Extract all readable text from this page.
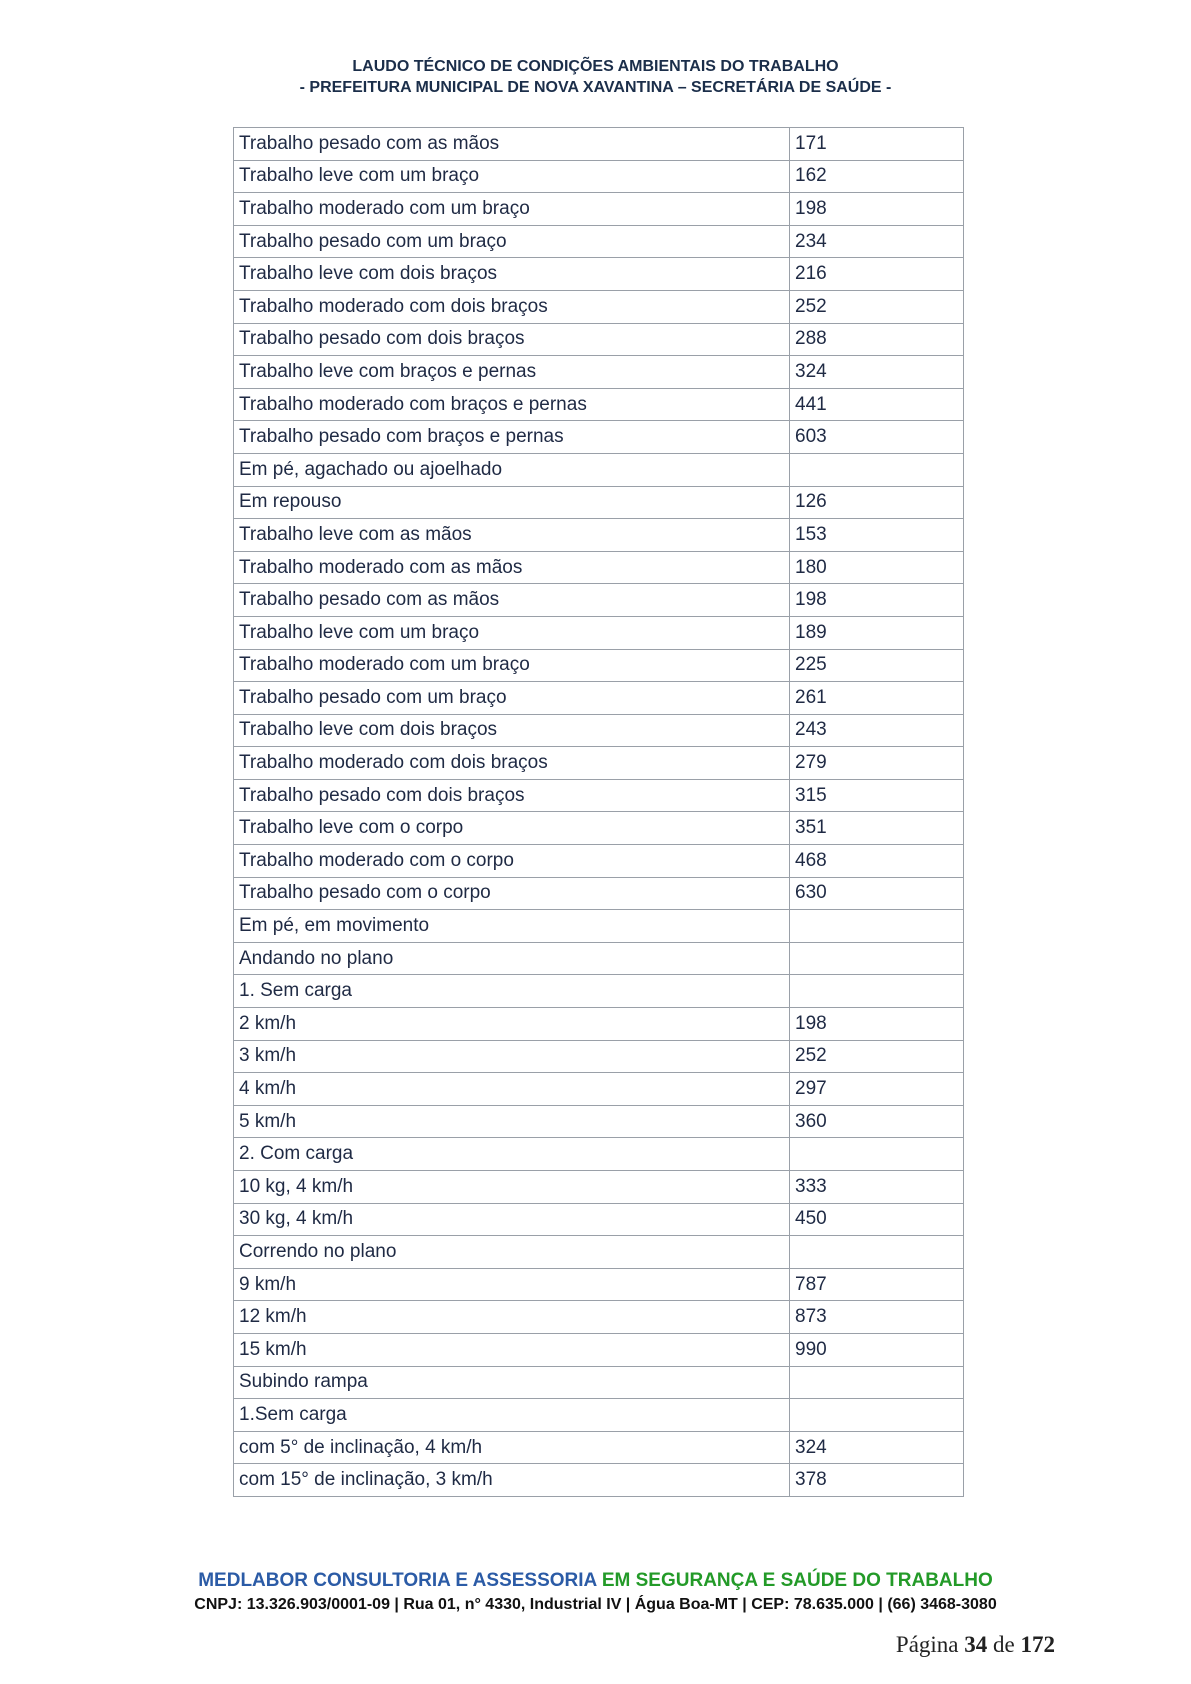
LAUDO TÉCNICO DE CONDIÇÕES AMBIENTAIS DO TRABALHO
- PREFEITURA MUNICIPAL DE NOVA XAVANTINA – SECRETÁRIA DE SAÚDE -
Trabalho pesado com as mãos	171
Trabalho leve com um braço	162
Trabalho moderado com um braço	198
Trabalho pesado com um braço	234
Trabalho leve com dois braços	216
Trabalho moderado com dois braços	252
Trabalho pesado com dois braços	288
Trabalho leve com braços e pernas	324
Trabalho moderado com braços e pernas	441
Trabalho pesado com braços e pernas	603
Em pé, agachado ou ajoelhado	
Em repouso	126
Trabalho leve com as mãos	153
Trabalho moderado com as mãos	180
Trabalho pesado com as mãos	198
Trabalho leve com um braço	189
Trabalho moderado com um braço	225
Trabalho pesado com um braço	261
Trabalho leve com dois braços	243
Trabalho moderado com dois braços	279
Trabalho pesado com dois braços	315
Trabalho leve com o corpo	351
Trabalho moderado com o corpo	468
Trabalho pesado com o corpo	630
Em pé, em movimento	
Andando no plano	
1. Sem carga	
2 km/h	198
3 km/h	252
4 km/h	297
5 km/h	360
2. Com carga	
10 kg, 4 km/h	333
30 kg, 4 km/h	450
Correndo no plano	
9 km/h	787
12 km/h	873
15 km/h	990
Subindo rampa	
1.Sem carga	
com 5° de inclinação, 4 km/h	324
com 15° de inclinação, 3 km/h	378
MEDLABOR CONSULTORIA E ASSESSORIA EM SEGURANÇA E SAÚDE DO TRABALHO
CNPJ: 13.326.903/0001-09 | Rua 01, n° 4330, Industrial IV | Água Boa-MT | CEP: 78.635.000 | (66) 3468-3080
Página 34 de 172
